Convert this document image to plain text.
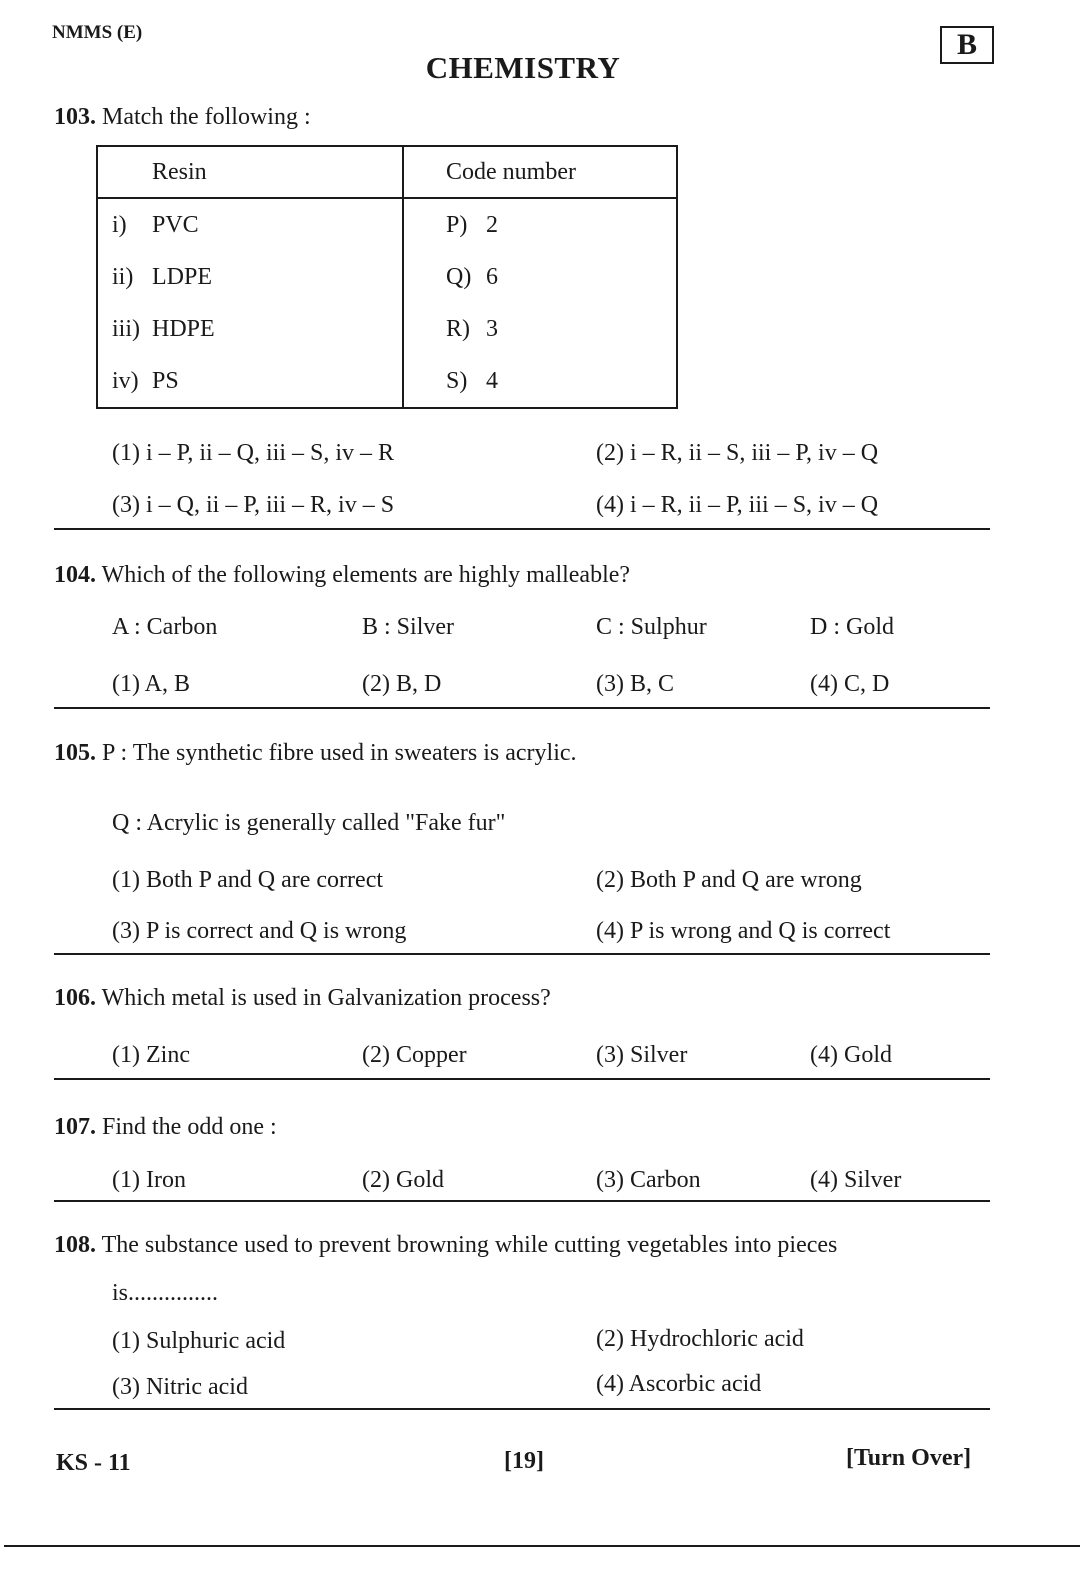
NMMS (E)
CHEMISTRY
B
103. Match the following :
Resin	Code number
i) PVC	P) 2
ii) LDPE	Q) 6
iii) HDPE	R) 3
iv) PS	S) 4
(1) i – P, ii – Q, iii – S, iv – R	(2) i – R, ii – S, iii – P, iv – Q
(3) i – Q, ii – P, iii – R, iv – S	(4) i – R, ii – P, iii – S, iv – Q
104. Which of the following elements are highly malleable?
A : Carbon	B : Silver	C : Sulphur	D : Gold
(1) A, B	(2) B, D	(3) B, C	(4) C, D
105. P : The synthetic fibre used in sweaters is acrylic.
Q : Acrylic is generally called "Fake fur"
(1) Both P and Q are correct	(2) Both P and Q are wrong
(3) P is correct and Q is wrong	(4) P is wrong and Q is correct
106. Which metal is used in Galvanization process?
(1) Zinc	(2) Copper	(3) Silver	(4) Gold
107. Find the odd one :
(1) Iron	(2) Gold	(3) Carbon	(4) Silver
108. The substance used to prevent browning while cutting vegetables into pieces
is...............
(1) Sulphuric acid	(2) Hydrochloric acid
(3) Nitric acid	(4) Ascorbic acid
KS - 11	[19]	[Turn Over]
